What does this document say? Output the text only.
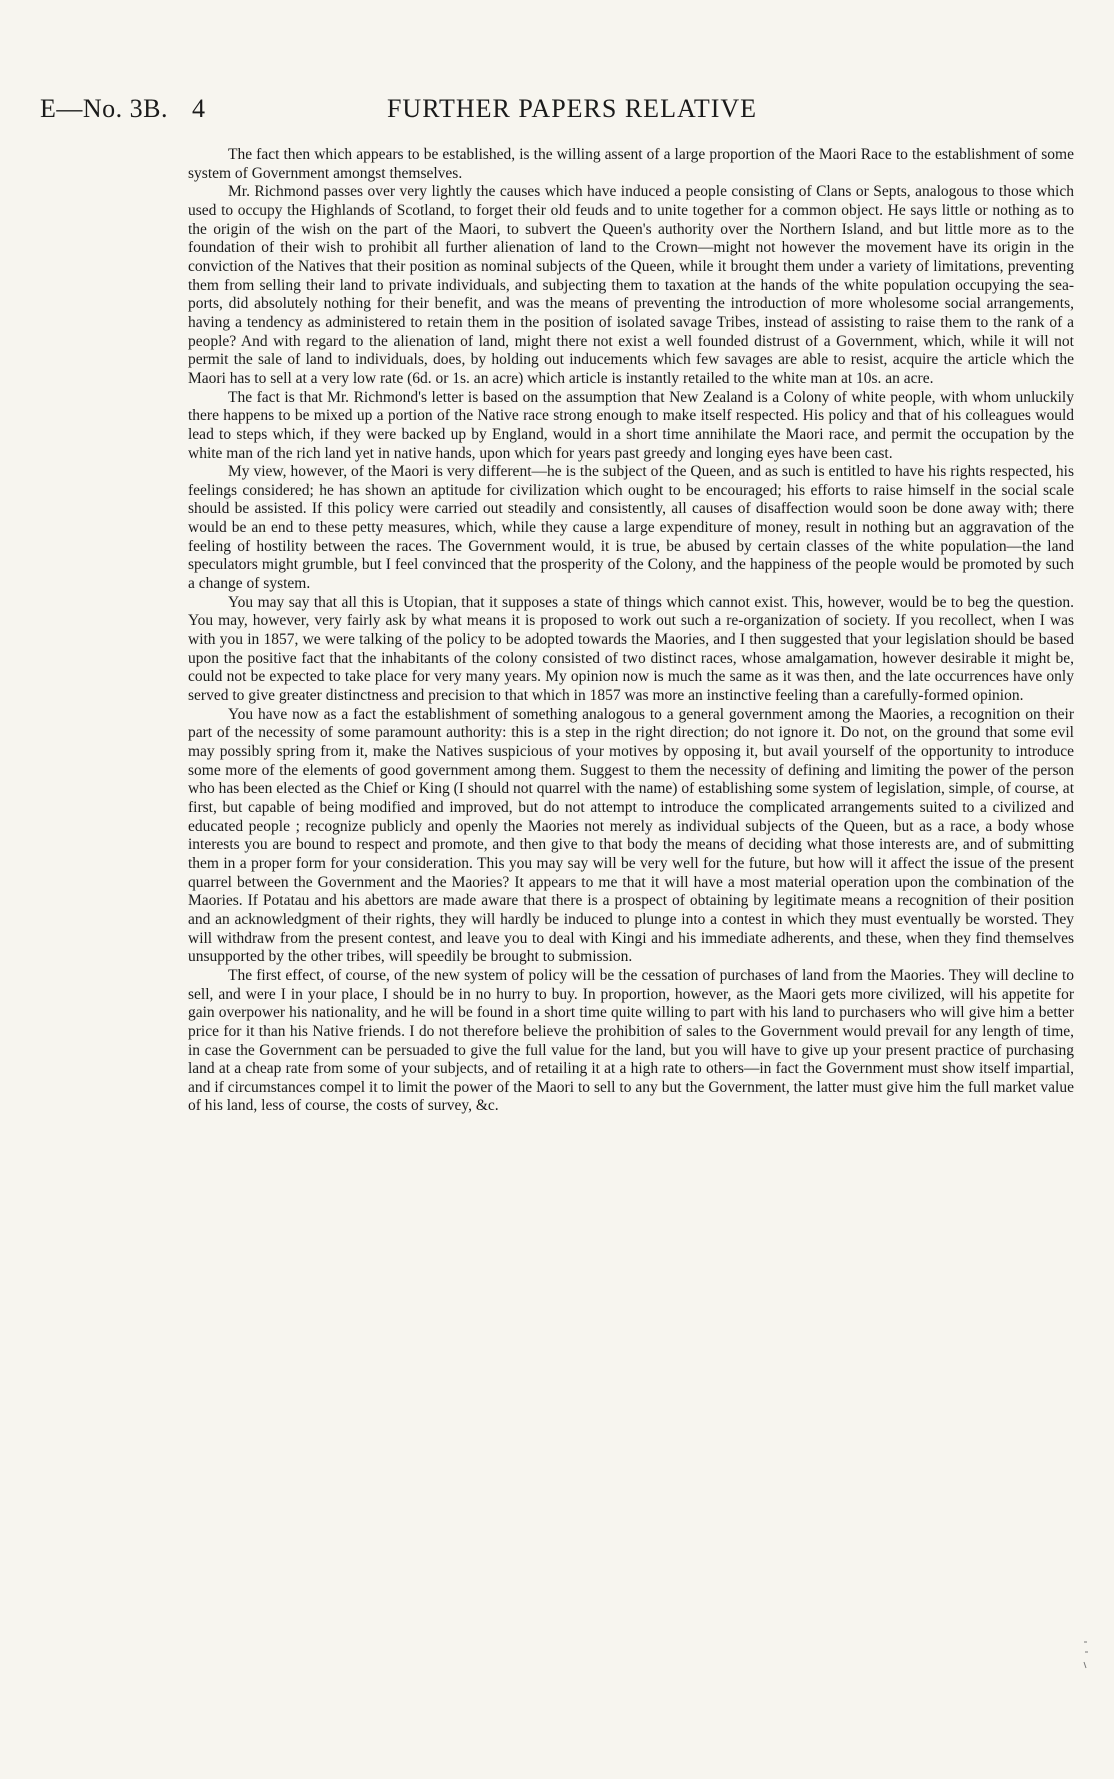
E—No. 3B. 4	FURTHER PAPERS RELATIVE

The fact then which appears to be established, is the willing assent of a large proportion of the Maori Race to the establishment of some system of Government amongst themselves.

Mr. Richmond passes over very lightly the causes which have induced a people consisting of Clans or Septs, analogous to those which used to occupy the Highlands of Scotland, to forget their old feuds and to unite together for a common object. He says little or nothing as to the origin of the wish on the part of the Maori, to subvert the Queen's authority over the Northern Island, and but little more as to the foundation of their wish to prohibit all further alienation of land to the Crown—might not however the movement have its origin in the conviction of the Natives that their position as nominal subjects of the Queen, while it brought them under a variety of limitations, preventing them from selling their land to private individuals, and subjecting them to taxation at the hands of the white population occupying the sea-ports, did absolutely nothing for their benefit, and was the means of preventing the introduction of more wholesome social arrangements, having a tendency as administered to retain them in the position of isolated savage Tribes, instead of assisting to raise them to the rank of a people? And with regard to the alienation of land, might there not exist a well founded distrust of a Government, which, while it will not permit the sale of land to individuals, does, by holding out inducements which few savages are able to resist, acquire the article which the Maori has to sell at a very low rate (6d. or 1s. an acre) which article is instantly retailed to the white man at 10s. an acre.

The fact is that Mr. Richmond's letter is based on the assumption that New Zealand is a Colony of white people, with whom unluckily there happens to be mixed up a portion of the Native race strong enough to make itself respected. His policy and that of his colleagues would lead to steps which, if they were backed up by England, would in a short time annihilate the Maori race, and permit the occupation by the white man of the rich land yet in native hands, upon which for years past greedy and longing eyes have been cast.

My view, however, of the Maori is very different—he is the subject of the Queen, and as such is entitled to have his rights respected, his feelings considered; he has shown an aptitude for civilization which ought to be encouraged; his efforts to raise himself in the social scale should be assisted. If this policy were carried out steadily and consistently, all causes of disaffection would soon be done away with; there would be an end to these petty measures, which, while they cause a large expenditure of money, result in nothing but an aggravation of the feeling of hostility between the races. The Government would, it is true, be abused by certain classes of the white population—the land speculators might grumble, but I feel convinced that the prosperity of the Colony, and the happiness of the people would be promoted by such a change of system.

You may say that all this is Utopian, that it supposes a state of things which cannot exist. This, however, would be to beg the question. You may, however, very fairly ask by what means it is proposed to work out such a re-organization of society. If you recollect, when I was with you in 1857, we were talking of the policy to be adopted towards the Maories, and I then suggested that your legislation should be based upon the positive fact that the inhabitants of the colony consisted of two distinct races, whose amalgamation, however desirable it might be, could not be expected to take place for very many years. My opinion now is much the same as it was then, and the late occurrences have only served to give greater distinctness and precision to that which in 1857 was more an instinctive feeling than a carefully-formed opinion.

You have now as a fact the establishment of something analogous to a general government among the Maories, a recognition on their part of the necessity of some paramount authority: this is a step in the right direction; do not ignore it. Do not, on the ground that some evil may possibly spring from it, make the Natives suspicious of your motives by opposing it, but avail yourself of the opportunity to introduce some more of the elements of good government among them. Suggest to them the necessity of defining and limiting the power of the person who has been elected as the Chief or King (I should not quarrel with the name) of establishing some system of legislation, simple, of course, at first, but capable of being modified and improved, but do not attempt to introduce the complicated arrangements suited to a civilized and educated people ; recognize publicly and openly the Maories not merely as individual subjects of the Queen, but as a race, a body whose interests you are bound to respect and promote, and then give to that body the means of deciding what those interests are, and of submitting them in a proper form for your consideration. This you may say will be very well for the future, but how will it affect the issue of the present quarrel between the Government and the Maories? It appears to me that it will have a most material operation upon the combination of the Maories. If Potatau and his abettors are made aware that there is a prospect of obtaining by legitimate means a recognition of their position and an acknowledgment of their rights, they will hardly be induced to plunge into a contest in which they must eventually be worsted. They will withdraw from the present contest, and leave you to deal with Kingi and his immediate adherents, and these, when they find themselves unsupported by the other tribes, will speedily be brought to submission.

The first effect, of course, of the new system of policy will be the cessation of purchases of land from the Maories. They will decline to sell, and were I in your place, I should be in no hurry to buy. In proportion, however, as the Maori gets more civilized, will his appetite for gain overpower his nationality, and he will be found in a short time quite willing to part with his land to purchasers who will give him a better price for it than his Native friends. I do not therefore believe the prohibition of sales to the Government would prevail for any length of time, in case the Government can be persuaded to give the full value for the land, but you will have to give up your present practice of purchasing land at a cheap rate from some of your subjects, and of retailing it at a high rate to others—in fact the Government must show itself impartial, and if circumstances compel it to limit the power of the Maori to sell to any but the Government, the latter must give him the full market value of his land, less of course, the costs of survey, &c.
